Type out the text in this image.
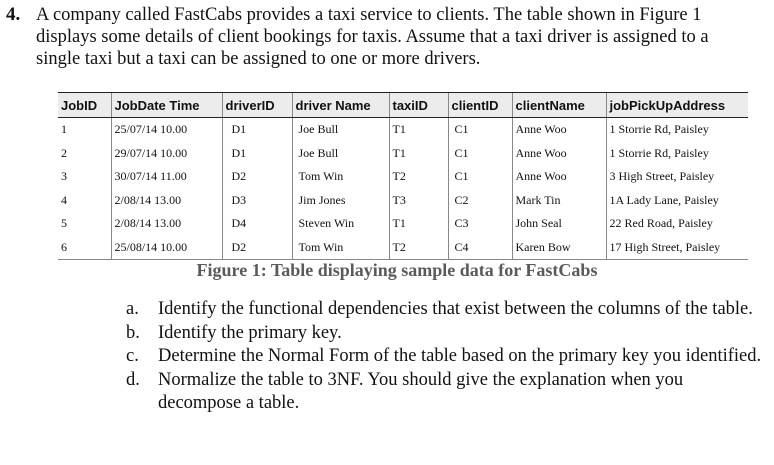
4. A company called FastCabs provides a taxi service to clients. The table shown in Figure 1
displays some details of client bookings for taxis. Assume that a taxi driver is assigned to a
single taxi but a taxi can be assigned to one or more drivers.
JobID	JobDate Time	driverID	driver Name	taxiID	clientID	clientName	jobPickUpAddress
1	25/07/14 10.00	D1	Joe Bull	T1	C1	Anne Woo	1 Storrie Rd, Paisley
2	29/07/14 10.00	D1	Joe Bull	T1	C1	Anne Woo	1 Storrie Rd, Paisley
3	30/07/14 11.00	D2	Tom Win	T2	C1	Anne Woo	3 High Street, Paisley
4	2/08/14 13.00	D3	Jim Jones	T3	C2	Mark Tin	1A Lady Lane, Paisley
5	2/08/14 13.00	D4	Steven Win	T1	C3	John Seal	22 Red Road, Paisley
6	25/08/14 10.00	D2	Tom Win	T2	C4	Karen Bow	17 High Street, Paisley
Figure 1: Table displaying sample data for FastCabs
a.	Identify the functional dependencies that exist between the columns of the table.
b. Identify the primary key.
c.	Determine the Normal Form of the table based on the primary key you identified.
d. Normalize the table to 3NF. You should give the explanation when you decompose a table.
